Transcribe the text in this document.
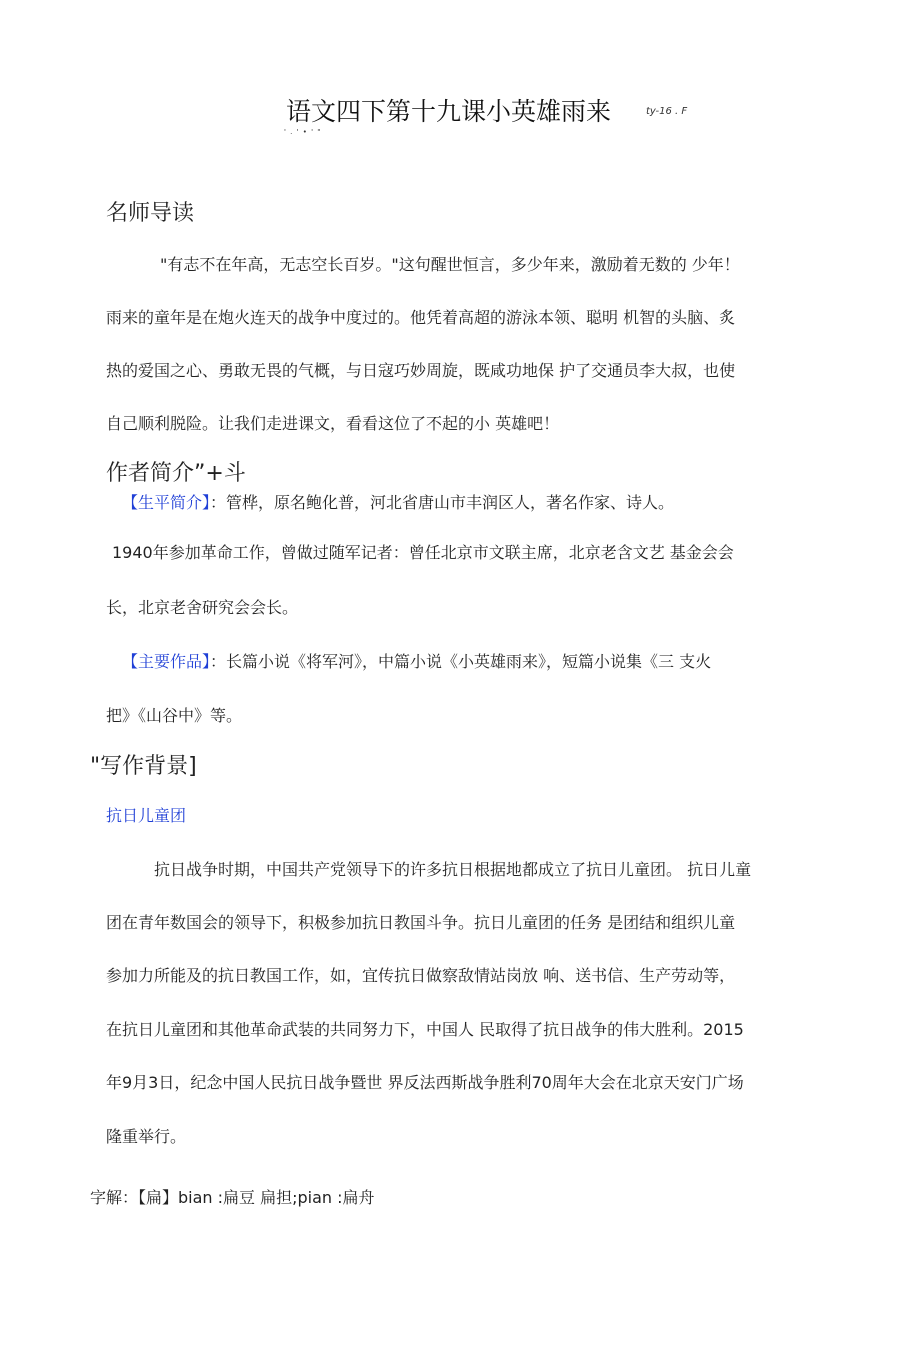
语文四下第十九课小英雄雨来	ty-16 . F
' . ' • ' "
名师导读
"有志不在年高，无志空长百岁。"这句醒世恒言，多少年来，激励着无数的 少年！
雨来的童年是在炮火连天的战争中度过的。他凭着高超的游泳本领、聪明 机智的头脑、炙
热的爱国之心、勇敢无畏的气概，与日寇巧妙周旋，既咸功地保 护了交通员李大叔，也使
自己顺利脱险。让我们走进课文，看看这位了不起的小 英雄吧！
作者简介”+斗
【生平简介】：管桦，原名鲍化普，河北省唐山市丰润区人，著名作家、诗人。
1940年参加革命工作，曾做过随军记者：曾任北京市文联主席，北京老含文艺 基金会会
长，北京老舍研究会会长。
【主要作品】：长篇小说《将军河》，中篇小说《小英雄雨来》，短篇小说集《三 支火
把》《山谷中》等。
"写作背景]
抗日儿童团
抗日战争时期，中国共产党领导下的许多抗日根据地都成立了抗日儿童团。 抗日儿童
团在青年数国会的领导下，积极参加抗日教国斗争。抗日儿童团的任务 是团结和组织儿童
参加力所能及的抗日教国工作，如，宜传抗日做察敌情站岗放 响、送书信、生产劳动等，
在抗日儿童团和其他革命武装的共同努力下，中国人 民取得了抗日战争的伟大胜利。2015
年9月3日，纪念中国人民抗日战争暨世 界反法西斯战争胜利70周年大会在北京天安门广场
隆重举行。
字解：【扁】bian :扁豆 扁担;pian :扁舟
